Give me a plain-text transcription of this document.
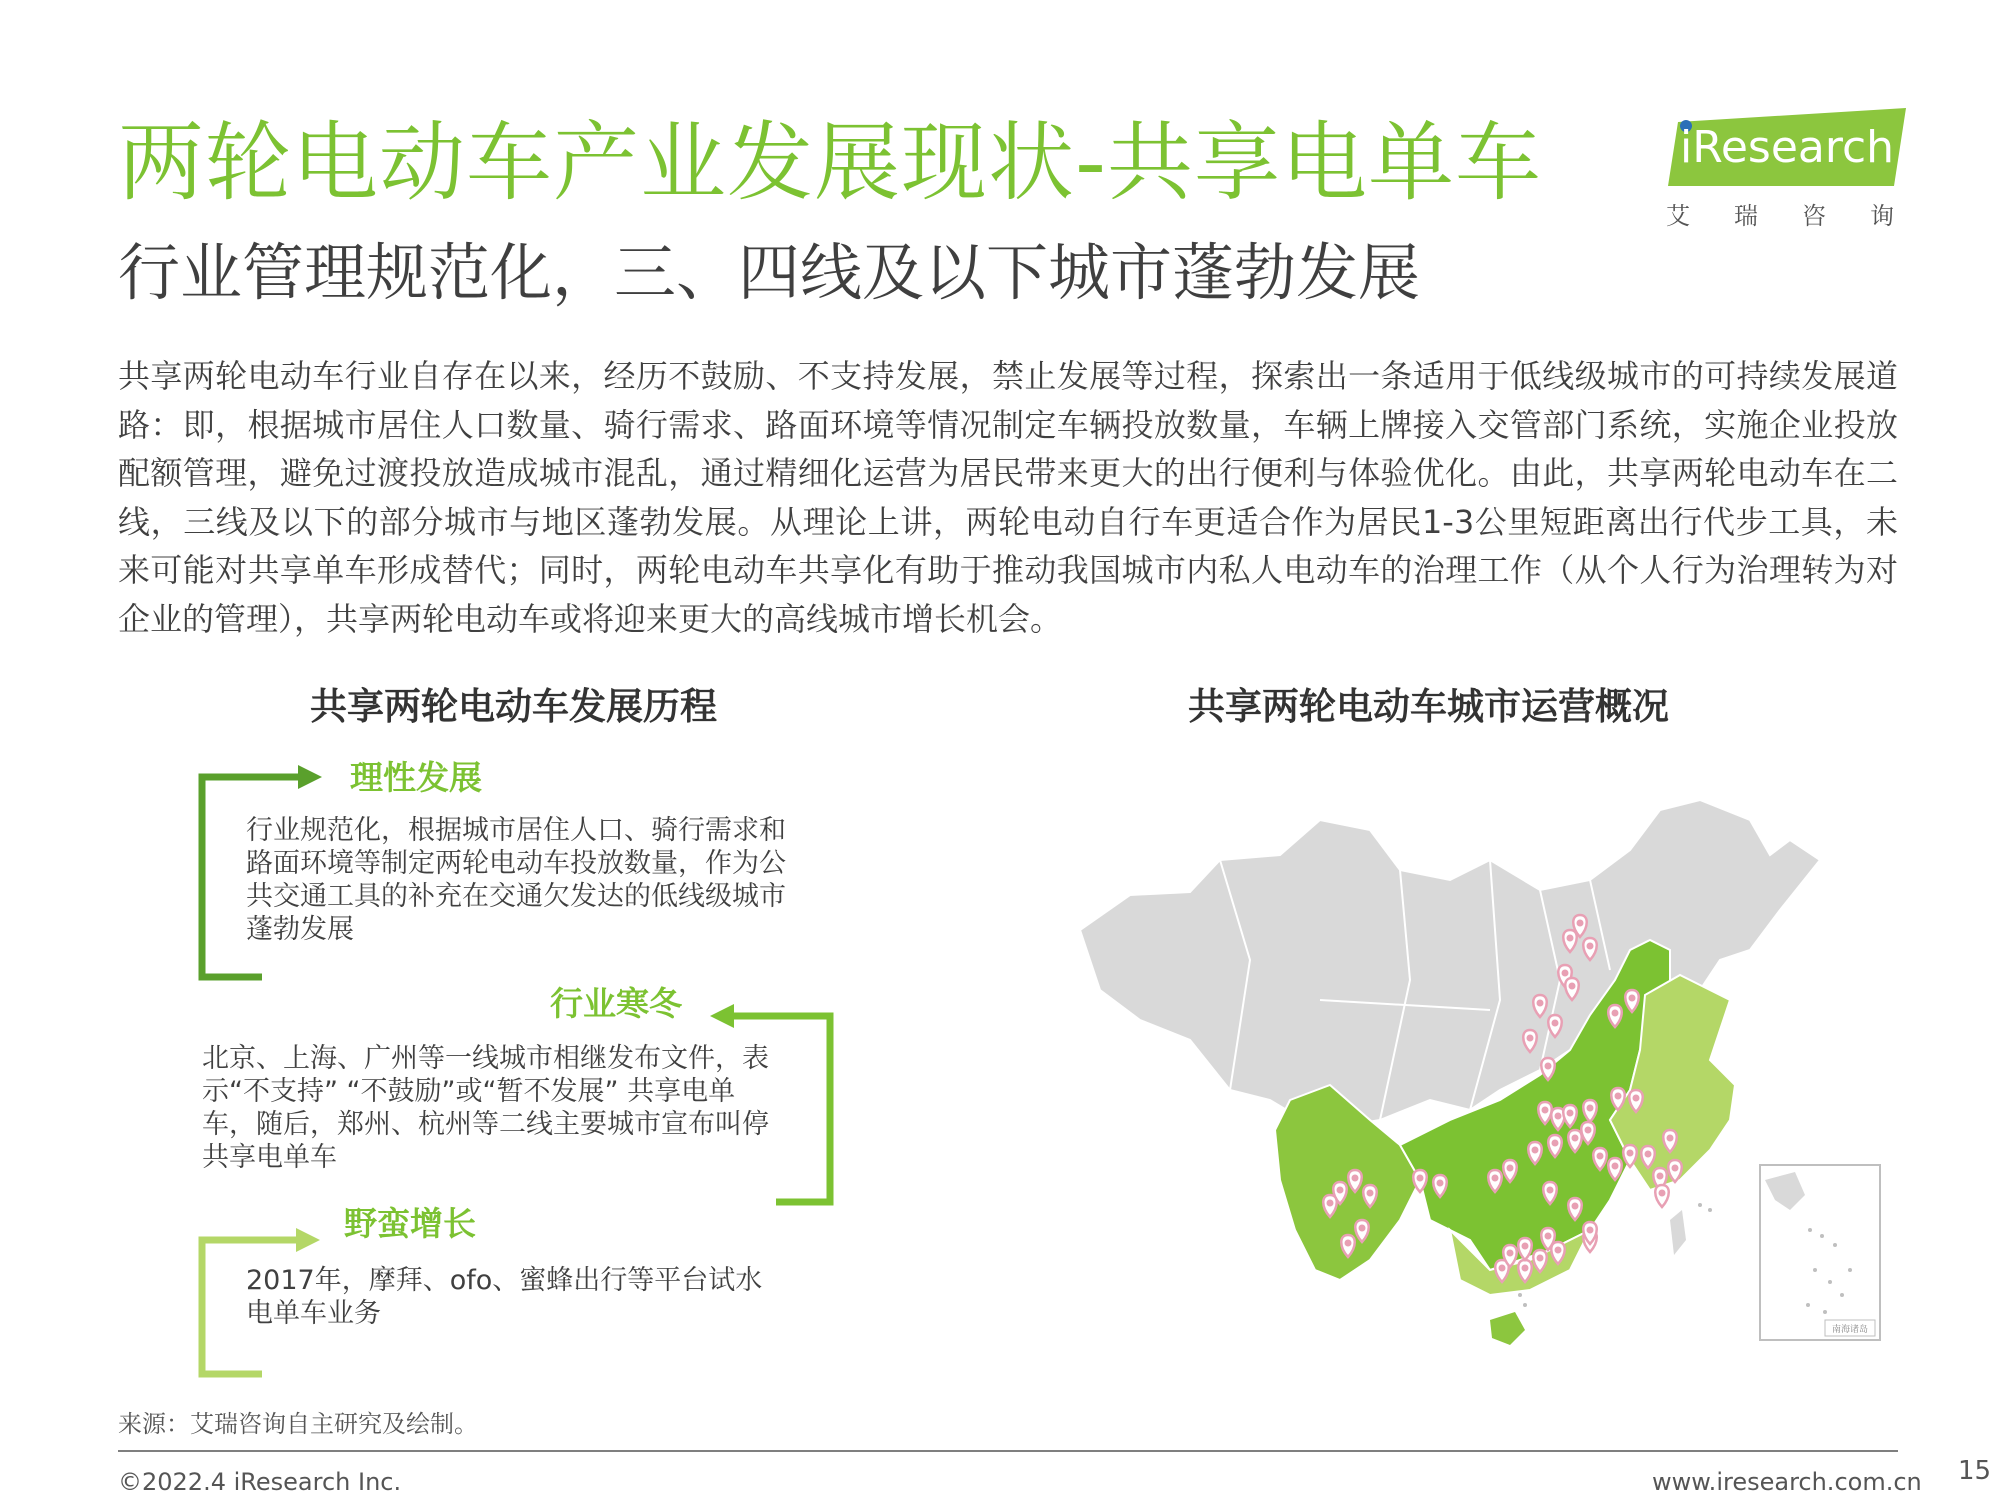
两轮电动车产业发展现状-共享电单车
行业管理规范化，三、四线及以下城市蓬勃发展
iResearch
艾瑞咨询
共享两轮电动车行业自存在以来，经历不鼓励、不支持发展，禁止发展等过程，探索出一条适用于低线级城市的可持续发展道路：即，根据城市居住人口数量、骑行需求、路面环境等情况制定车辆投放数量，车辆上牌接入交管部门系统，实施企业投放配额管理，避免过渡投放造成城市混乱，通过精细化运营为居民带来更大的出行便利与体验优化。由此，共享两轮电动车在二线，三线及以下的部分城市与地区蓬勃发展。从理论上讲，两轮电动自行车更适合作为居民1-3公里短距离出行代步工具，未来可能对共享单车形成替代；同时，两轮电动车共享化有助于推动我国城市内私人电动车的治理工作（从个人行为治理转为对企业的管理），共享两轮电动车或将迎来更大的高线城市增长机会。
共享两轮电动车发展历程	共享两轮电动车城市运营概况
理性发展
行业规范化，根据城市居住人口、骑行需求和路面环境等制定两轮电动车投放数量，作为公共交通工具的补充在交通欠发达的低线级城市蓬勃发展
行业寒冬
北京、上海、广州等一线城市相继发布文件，表示“不支持” “不鼓励”或“暂不发展” 共享电单车，随后，郑州、杭州等二线主要城市宣布叫停共享电单车
野蛮增长
2017年，摩拜、ofo、蜜蜂出行等平台试水电单车业务
南海诸岛
来源：艾瑞咨询自主研究及绘制。
©2022.4 iResearch Inc.	www.iresearch.com.cn 15
